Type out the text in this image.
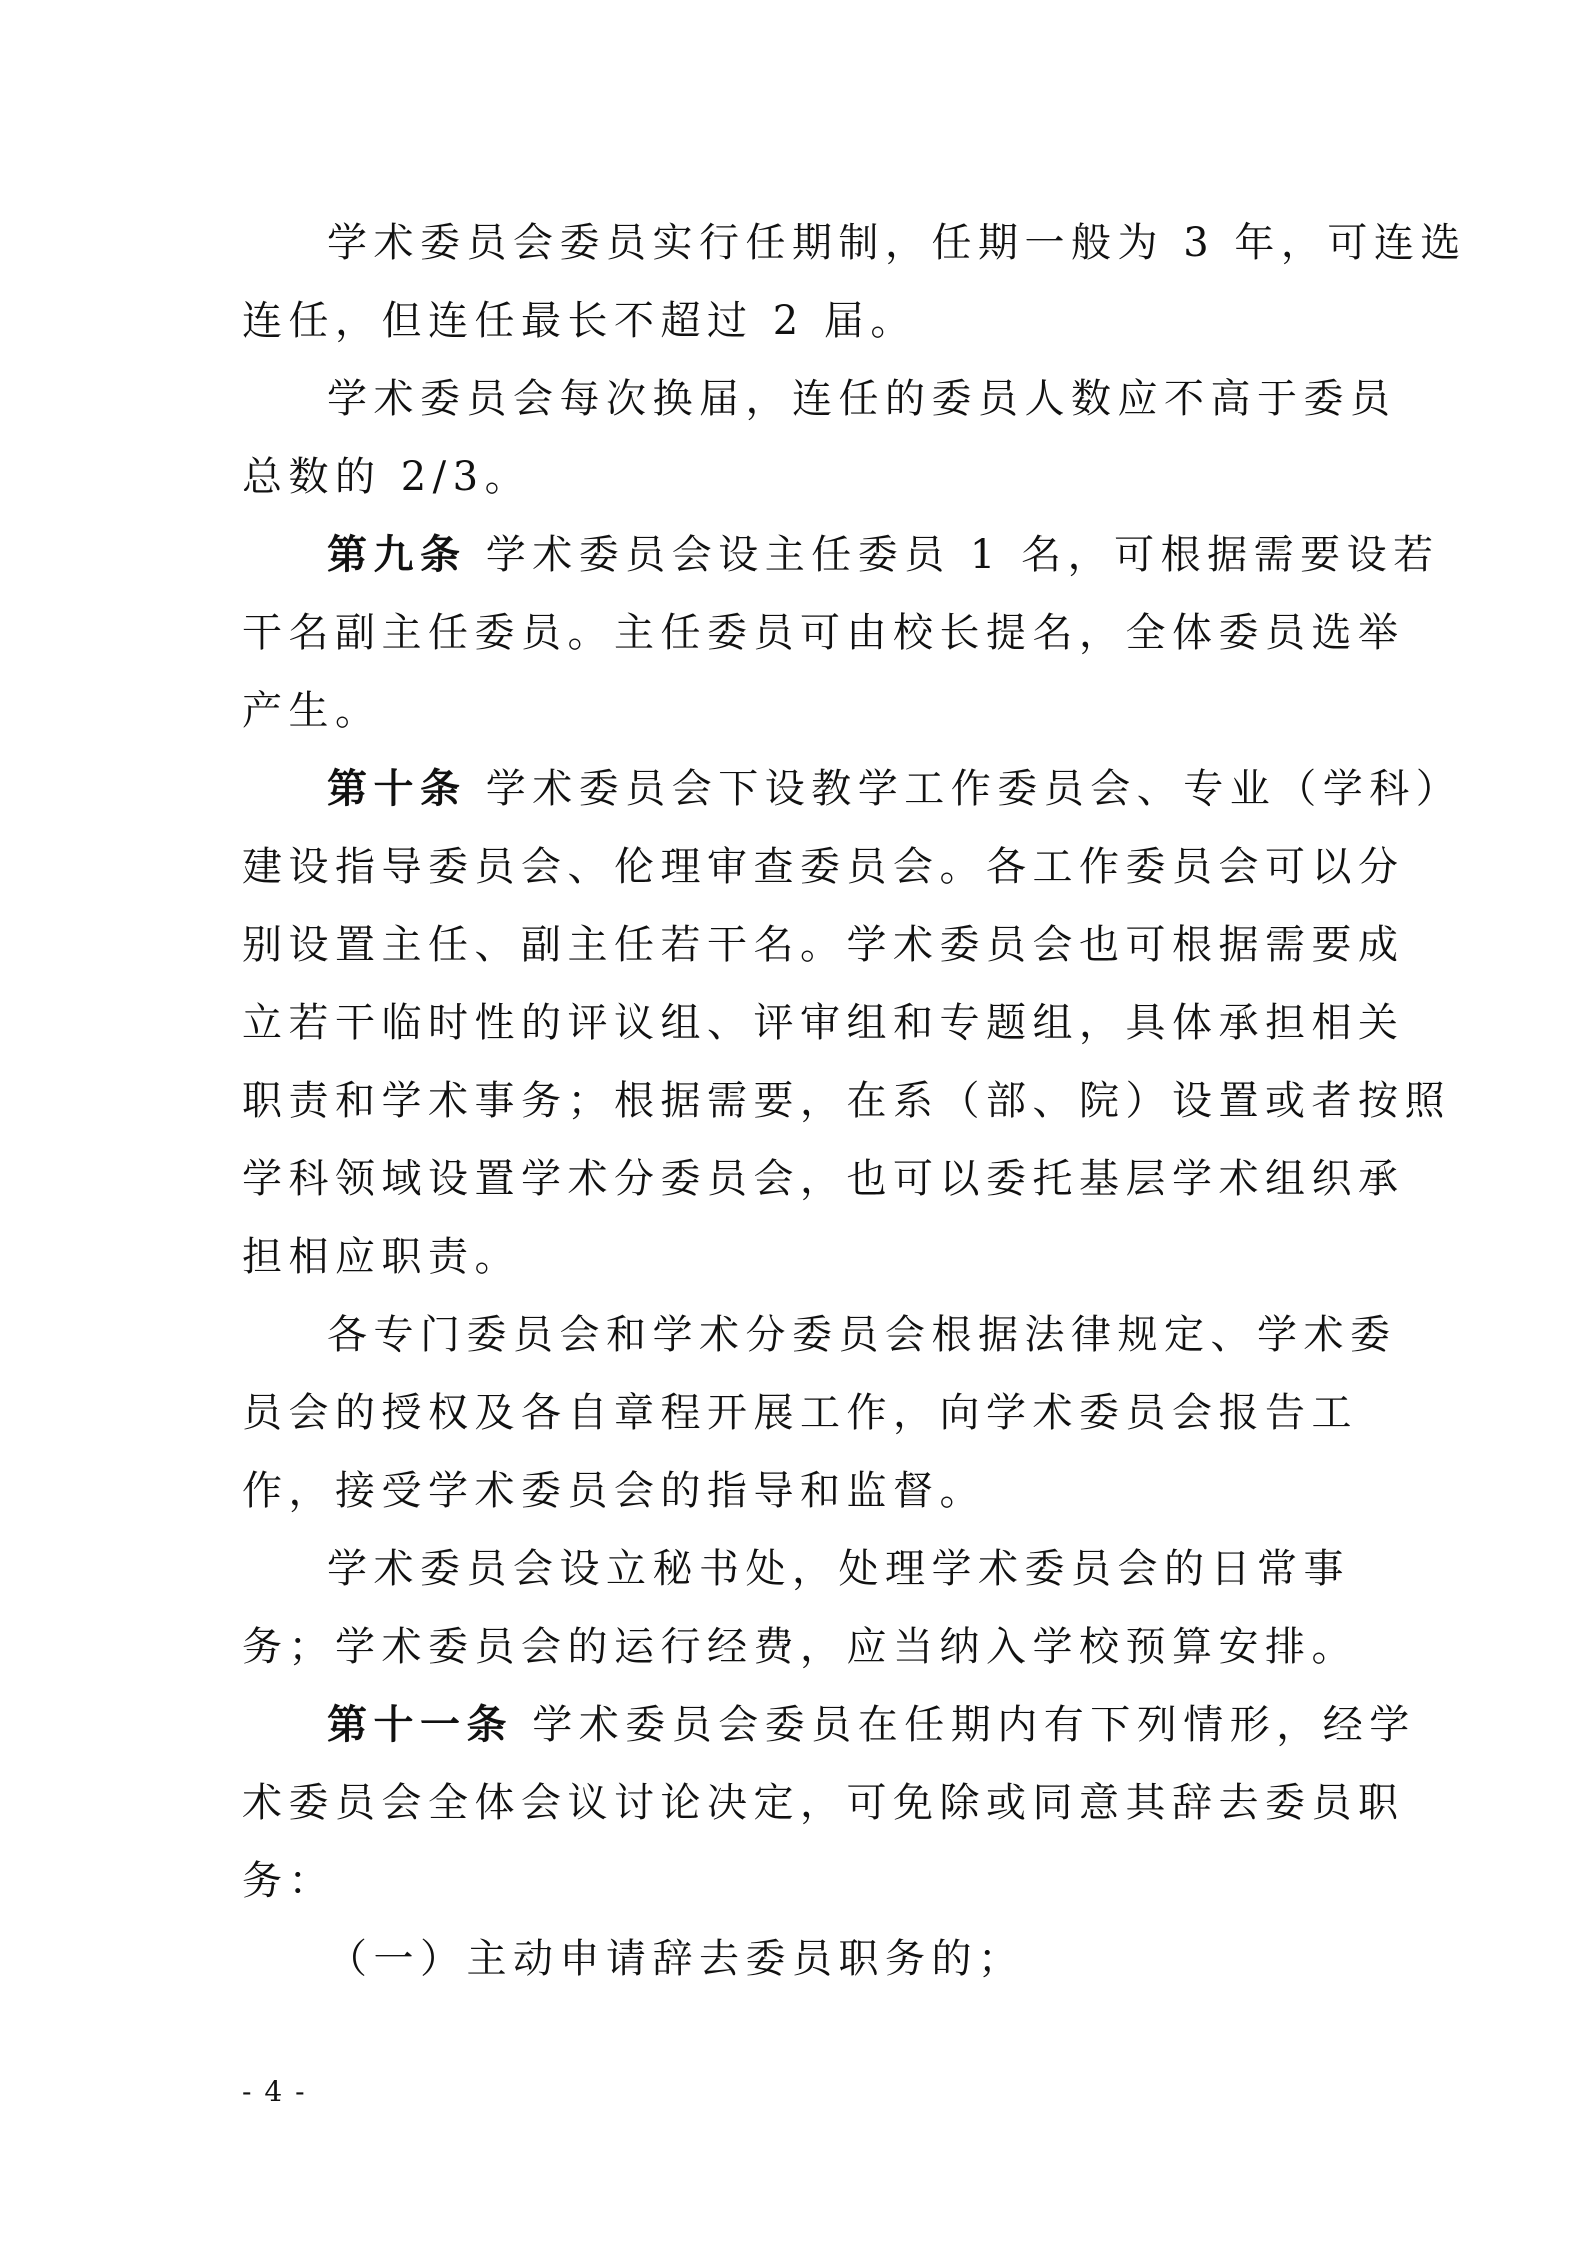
学术委员会委员实行任期制，任期一般为 3 年，可连选
连任，但连任最长不超过 2 届。
学术委员会每次换届，连任的委员人数应不高于委员
总数的 2/3。
第九条 学术委员会设主任委员 1 名，可根据需要设若
干名副主任委员。主任委员可由校长提名，全体委员选举
产生。
第十条 学术委员会下设教学工作委员会、专业（学科）
建设指导委员会、伦理审查委员会。各工作委员会可以分
别设置主任、副主任若干名。学术委员会也可根据需要成
立若干临时性的评议组、评审组和专题组，具体承担相关
职责和学术事务；根据需要，在系（部、院）设置或者按照
学科领域设置学术分委员会，也可以委托基层学术组织承
担相应职责。
各专门委员会和学术分委员会根据法律规定、学术委
员会的授权及各自章程开展工作，向学术委员会报告工
作，接受学术委员会的指导和监督。
学术委员会设立秘书处，处理学术委员会的日常事
务；学术委员会的运行经费，应当纳入学校预算安排。
第十一条 学术委员会委员在任期内有下列情形，经学
术委员会全体会议讨论决定，可免除或同意其辞去委员职
务：
（一）主动申请辞去委员职务的；
- 4 -
